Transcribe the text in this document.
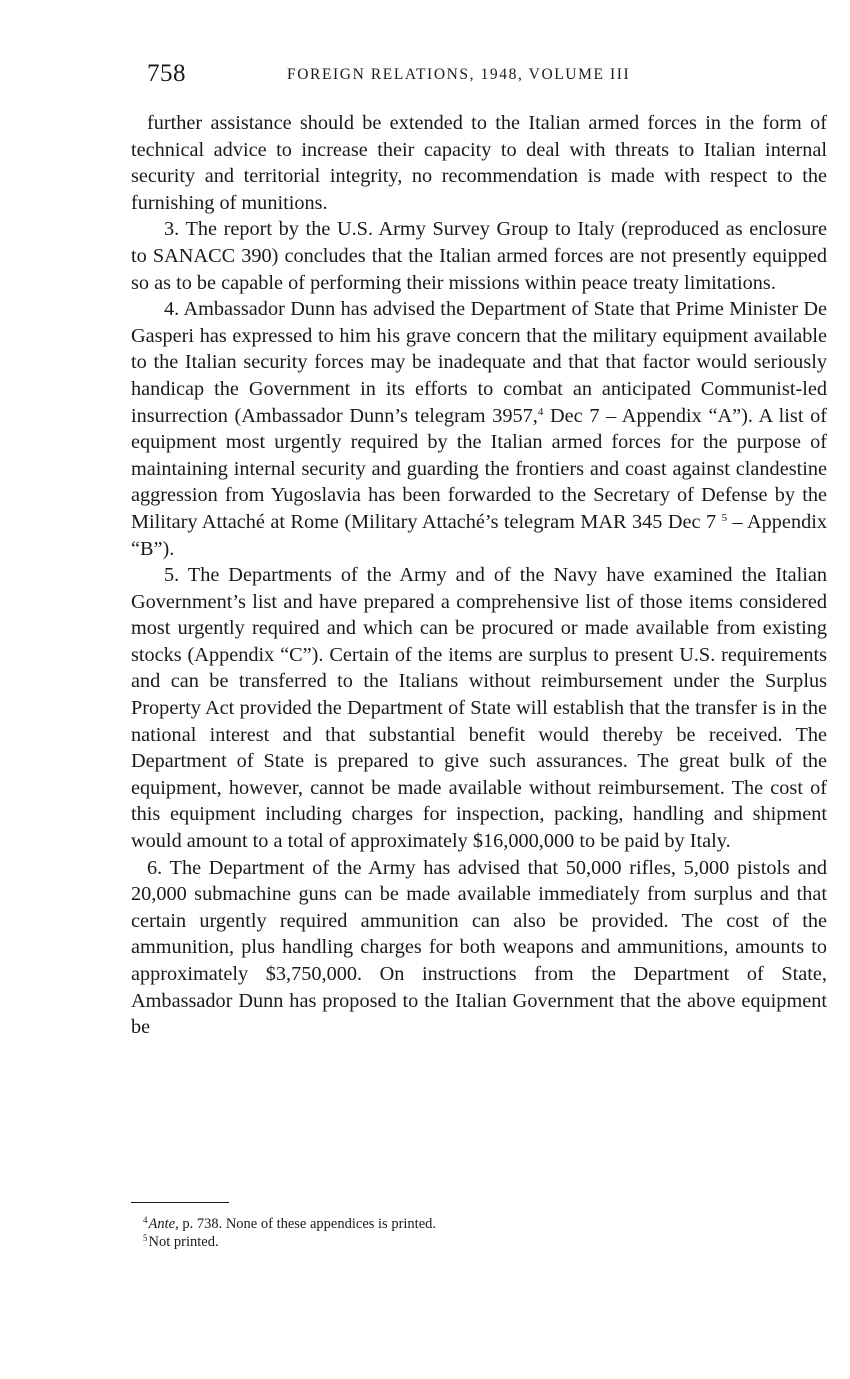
758	FOREIGN RELATIONS, 1948, VOLUME III

further assistance should be extended to the Italian armed forces in the form of technical advice to increase their capacity to deal with threats to Italian internal security and territorial integrity, no recommendation is made with respect to the furnishing of munitions.

3. The report by the U.S. Army Survey Group to Italy (reproduced as enclosure to SANACC 390) concludes that the Italian armed forces are not presently equipped so as to be capable of performing their missions within peace treaty limitations.

4. Ambassador Dunn has advised the Department of State that Prime Minister De Gasperi has expressed to him his grave concern that the military equipment available to the Italian security forces may be inadequate and that that factor would seriously handicap the Government in its efforts to combat an anticipated Communist-led insurrection (Ambassador Dunn’s telegram 3957,$^4$ Dec 7 – Appendix “A”). A list of equipment most urgently required by the Italian armed forces for the purpose of maintaining internal security and guarding the frontiers and coast against clandestine aggression from Yugoslavia has been forwarded to the Secretary of Defense by the Military Attaché at Rome (Military Attaché’s telegram MAR 345 Dec 7 $^5$ – Appendix “B”).

5. The Departments of the Army and of the Navy have examined the Italian Government’s list and have prepared a comprehensive list of those items considered most urgently required and which can be procured or made available from existing stocks (Appendix “C”). Certain of the items are surplus to present U.S. requirements and can be transferred to the Italians without reimbursement under the Surplus Property Act provided the Department of State will establish that the transfer is in the national interest and that substantial benefit would thereby be received. The Department of State is prepared to give such assurances. The great bulk of the equipment, however, cannot be made available without reimbursement. The cost of this equipment including charges for inspection, packing, handling and shipment would amount to a total of approximately $16,000,000 to be paid by Italy.

6. The Department of the Army has advised that 50,000 rifles, 5,000 pistols and 20,000 submachine guns can be made available immediately from surplus and that certain urgently required ammunition can also be provided. The cost of the ammunition, plus handling charges for both weapons and ammunitions, amounts to approximately $3,750,000. On instructions from the Department of State, Ambassador Dunn has proposed to the Italian Government that the above equipment be

$^4$Ante, p. 738. None of these appendices is printed.

$^5$Not printed.
